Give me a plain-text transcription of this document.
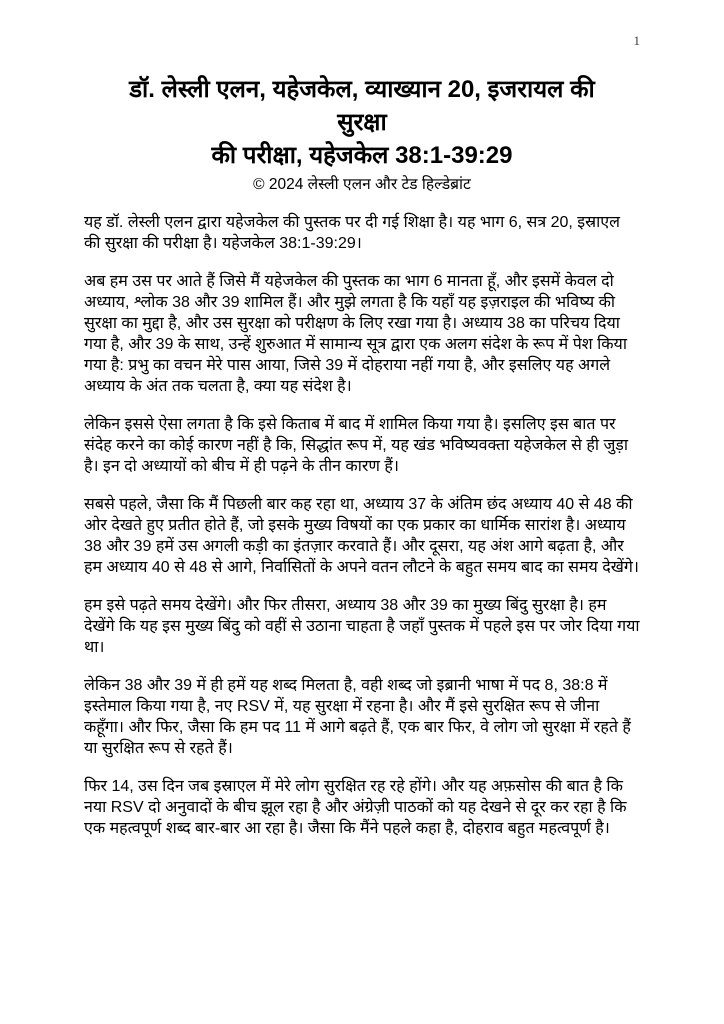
1
डॉ. लेस्ली एलन, यहेजकेल, व्याख्यान 20, इजरायल की
सुरक्षा
की परीक्षा, यहेजकेल 38:1-39:29
© 2024 लेस्ली एलन और टेड हिल्डेब्रांट

यह डॉ. लेस्ली एलन द्वारा यहेजकेल की पुस्तक पर दी गई शिक्षा है। यह भाग 6, सत्र 20, इस्राएल की सुरक्षा की परीक्षा है। यहेजकेल 38:1-39:29।

अब हम उस पर आते हैं जिसे मैं यहेजकेल की पुस्तक का भाग 6 मानता हूँ, और इसमें केवल दो अध्याय, श्लोक 38 और 39 शामिल हैं। और मुझे लगता है कि यहाँ यह इज़राइल की भविष्य की सुरक्षा का मुद्दा है, और उस सुरक्षा को परीक्षण के लिए रखा गया है। अध्याय 38 का परिचय दिया गया है, और 39 के साथ, उन्हें शुरुआत में सामान्य सूत्र द्वारा एक अलग संदेश के रूप में पेश किया गया है: प्रभु का वचन मेरे पास आया, जिसे 39 में दोहराया नहीं गया है, और इसलिए यह अगले अध्याय के अंत तक चलता है, क्या यह संदेश है।

लेकिन इससे ऐसा लगता है कि इसे किताब में बाद में शामिल किया गया है। इसलिए इस बात पर संदेह करने का कोई कारण नहीं है कि, सिद्धांत रूप में, यह खंड भविष्यवक्ता यहेजकेल से ही जुड़ा है। इन दो अध्यायों को बीच में ही पढ़ने के तीन कारण हैं।

सबसे पहले, जैसा कि मैं पिछली बार कह रहा था, अध्याय 37 के अंतिम छंद अध्याय 40 से 48 की ओर देखते हुए प्रतीत होते हैं, जो इसके मुख्य विषयों का एक प्रकार का धार्मिक सारांश है। अध्याय 38 और 39 हमें उस अगली कड़ी का इंतज़ार करवाते हैं। और दूसरा, यह अंश आगे बढ़ता है, और हम अध्याय 40 से 48 से आगे, निर्वासितों के अपने वतन लौटने के बहुत समय बाद का समय देखेंगे।

हम इसे पढ़ते समय देखेंगे। और फिर तीसरा, अध्याय 38 और 39 का मुख्य बिंदु सुरक्षा है। हम देखेंगे कि यह इस मुख्य बिंदु को वहीं से उठाना चाहता है जहाँ पुस्तक में पहले इस पर जोर दिया गया था।

लेकिन 38 और 39 में ही हमें यह शब्द मिलता है, वही शब्द जो इब्रानी भाषा में पद 8, 38:8 में इस्तेमाल किया गया है, नए RSV में, यह सुरक्षा में रहना है। और मैं इसे सुरक्षित रूप से जीना कहूँगा। और फिर, जैसा कि हम पद 11 में आगे बढ़ते हैं, एक बार फिर, वे लोग जो सुरक्षा में रहते हैं या सुरक्षित रूप से रहते हैं।

फिर 14, उस दिन जब इस्राएल में मेरे लोग सुरक्षित रह रहे होंगे। और यह अफ़सोस की बात है कि नया RSV दो अनुवादों के बीच झूल रहा है और अंग्रेज़ी पाठकों को यह देखने से दूर कर रहा है कि एक महत्वपूर्ण शब्द बार-बार आ रहा है। जैसा कि मैंने पहले कहा है, दोहराव बहुत महत्वपूर्ण है।
